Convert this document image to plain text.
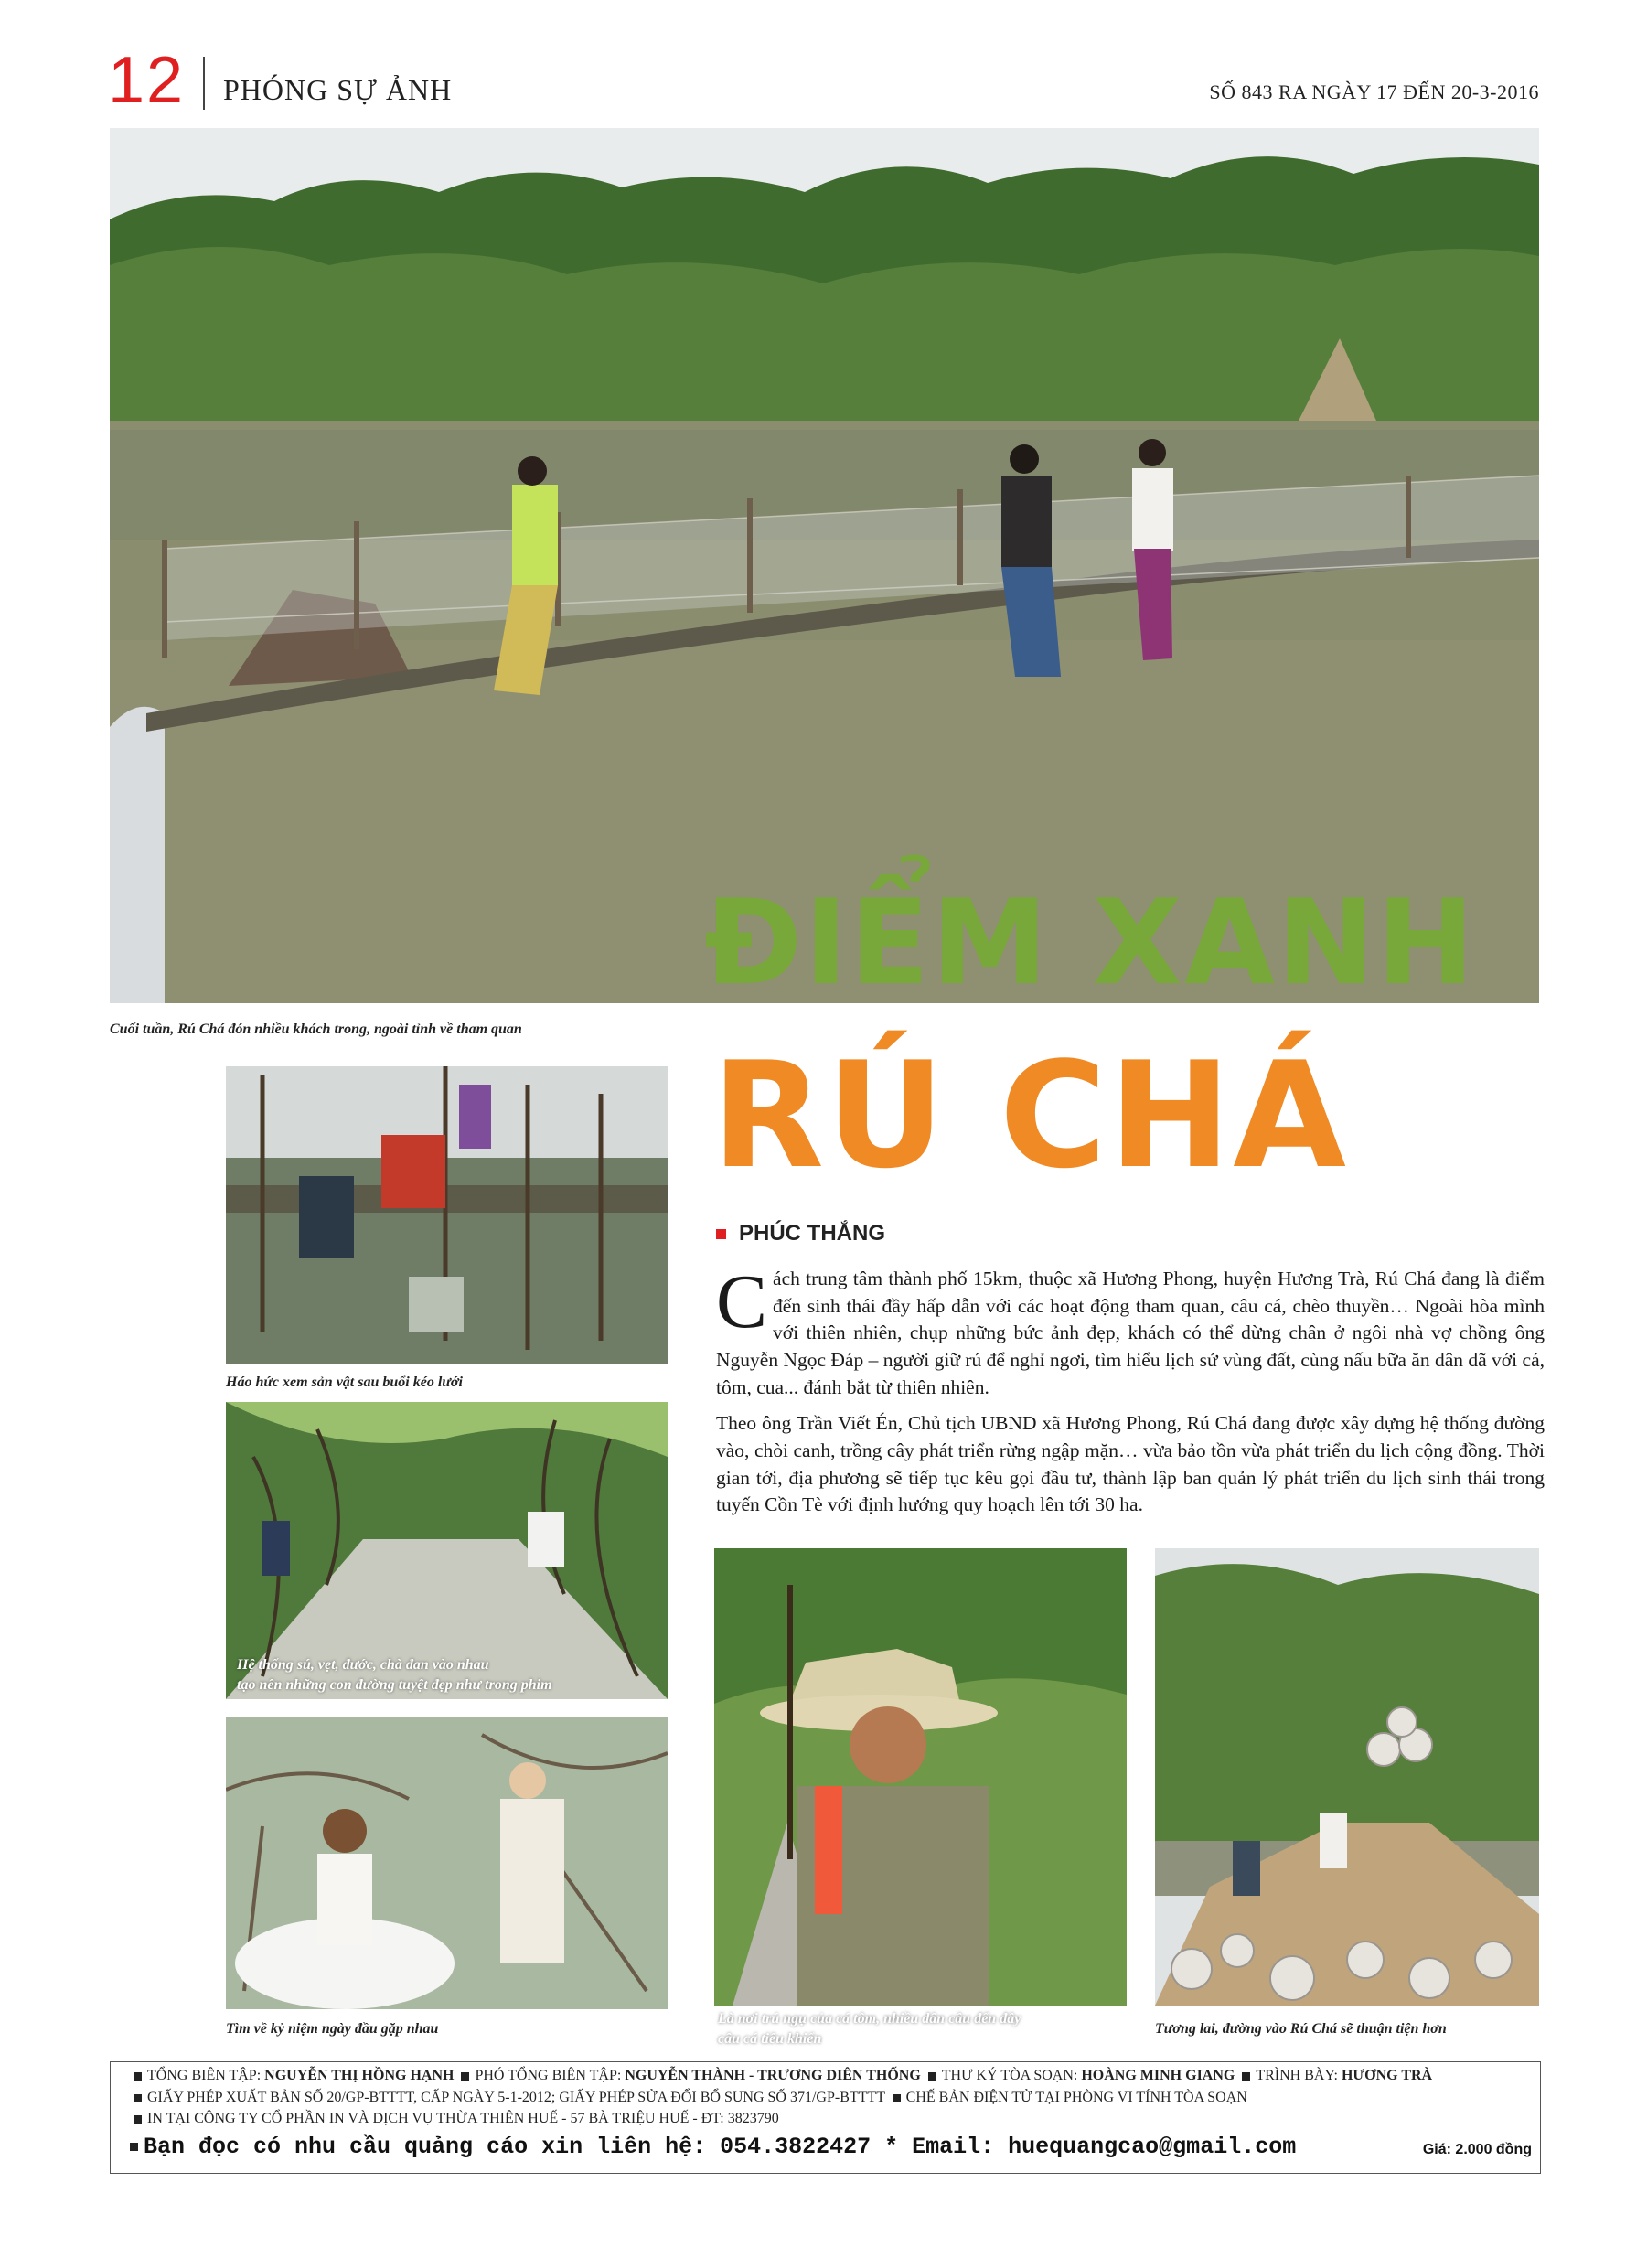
12 PHÓNG SỰ ẢNH	SỐ 843 RA NGÀY 17 ĐẾN 20-3-2016
ĐIỂM XANH
RÚ CHÁ
Cuối tuần, Rú Chá đón nhiều khách trong, ngoài tỉnh về tham quan
Háo hức xem sản vật sau buổi kéo lưới
Hệ thống sú, vẹt, đước, chà đan vào nhau
tạo nên những con đường tuyệt đẹp như trong phim
Tìm về kỷ niệm ngày đầu gặp nhau
PHÚC THẮNG

Cách trung tâm thành phố 15km, thuộc xã Hương Phong, huyện Hương Trà, Rú Chá đang là điểm đến sinh thái đầy hấp dẫn với các hoạt động tham quan, câu cá, chèo thuyền… Ngoài hòa mình với thiên nhiên, chụp những bức ảnh đẹp, khách có thể dừng chân ở ngôi nhà vợ chồng ông Nguyễn Ngọc Đáp – người giữ rú để nghỉ ngơi, tìm hiểu lịch sử vùng đất, cùng nấu bữa ăn dân dã với cá, tôm, cua... đánh bắt từ thiên nhiên.

Theo ông Trần Viết Én, Chủ tịch UBND xã Hương Phong, Rú Chá đang được xây dựng hệ thống đường vào, chòi canh, trồng cây phát triển rừng ngập mặn… vừa bảo tồn vừa phát triển du lịch cộng đồng. Thời gian tới, địa phương sẽ tiếp tục kêu gọi đầu tư, thành lập ban quản lý phát triển du lịch sinh thái trong tuyến Cồn Tè với định hướng quy hoạch lên tới 30 ha.

Là nơi trú ngụ của cá tôm, nhiều dân câu đến đây
câu cá tiêu khiển
Tương lai, đường vào Rú Chá sẽ thuận tiện hơn
TỔNG BIÊN TẬP: NGUYỄN THỊ HỒNG HẠNH PHÓ TỔNG BIÊN TẬP: NGUYỄN THÀNH - TRƯƠNG DIÊN THỐNG THƯ KÝ TÒA SOẠN: HOÀNG MINH GIANG TRÌNH BÀY: HƯƠNG TRÀ
GIẤY PHÉP XUẤT BẢN SỐ 20/GP-BTTTT, CẤP NGÀY 5-1-2012; GIẤY PHÉP SỬA ĐỔI BỔ SUNG SỐ 371/GP-BTTTT CHẾ BẢN ĐIỆN TỬ TẠI PHÒNG VI TÍNH TÒA SOẠN
IN TẠI CÔNG TY CỔ PHẦN IN VÀ DỊCH VỤ THỪA THIÊN HUẾ - 57 BÀ TRIỆU HUẾ - ĐT: 3823790
Bạn đọc có nhu cầu quảng cáo xin liên hệ: 054.3822427 * Email: huequangcao@gmail.com	Giá: 2.000 đồng
